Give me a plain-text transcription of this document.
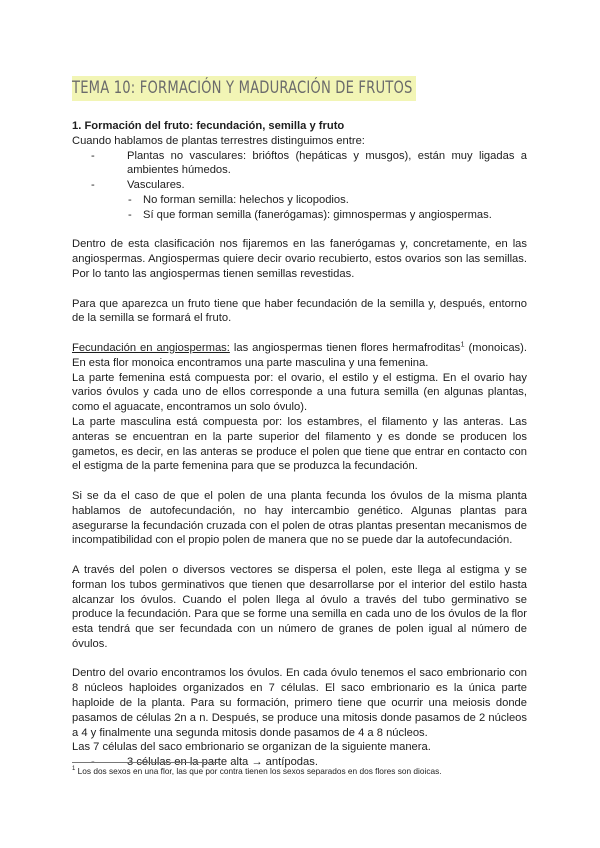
TEMA 10: FORMACIÓN Y MADURACIÓN DE FRUTOS

1. Formación del fruto: fecundación, semilla y fruto

Cuando hablamos de plantas terrestres distinguimos entre:

-	Plantas no vasculares: brióftos (hepáticas y musgos), están muy ligadas a ambientes húmedos.
-	Vasculares.
- No forman semilla: helechos y licopodios.
- Sí que forman semilla (fanerógamas): gimnospermas y angiospermas.

Dentro de esta clasificación nos fijaremos en las fanerógamas y, concretamente, en las angiospermas. Angiospermas quiere decir ovario recubierto, estos ovarios son las semillas. Por lo tanto las angiospermas tienen semillas revestidas.

Para que aparezca un fruto tiene que haber fecundación de la semilla y, después, entorno de la semilla se formará el fruto.

Fecundación en angiospermas: las angiospermas tienen flores hermafroditas$^1$ (monoicas). En esta flor monoica encontramos una parte masculina y una femenina.

La parte femenina está compuesta por: el ovario, el estilo y el estigma. En el ovario hay varios óvulos y cada uno de ellos corresponde a una futura semilla (en algunas plantas, como el aguacate, encontramos un solo óvulo).

La parte masculina está compuesta por: los estambres, el filamento y las anteras. Las anteras se encuentran en la parte superior del filamento y es donde se producen los gametos, es decir, en las anteras se produce el polen que tiene que entrar en contacto con el estigma de la parte femenina para que se produzca la fecundación.

Si se da el caso de que el polen de una planta fecunda los óvulos de la misma planta hablamos de autofecundación, no hay intercambio genético. Algunas plantas para asegurarse la fecundación cruzada con el polen de otras plantas presentan mecanismos de incompatibilidad con el propio polen de manera que no se puede dar la autofecundación.

A través del polen o diversos vectores se dispersa el polen, este llega al estigma y se forman los tubos germinativos que tienen que desarrollarse por el interior del estilo hasta alcanzar los óvulos. Cuando el polen llega al óvulo a través del tubo germinativo se produce la fecundación. Para que se forme una semilla en cada uno de los óvulos de la flor esta tendrá que ser fecundada con un número de granes de polen igual al número de óvulos.

Dentro del ovario encontramos los óvulos. En cada óvulo tenemos el saco embrionario con 8 núcleos haploides organizados en 7 células. El saco embrionario es la única parte haploide de la planta. Para su formación, primero tiene que ocurrir una meiosis donde pasamos de células 2n a n. Después, se produce una mitosis donde pasamos de 2 núcleos a 4 y finalmente una segunda mitosis donde pasamos de 4 a 8 núcleos.

Las 7 células del saco embrionario se organizan de la siguiente manera.

-	3 células en la parte alta → antípodas.
$^1$ Los dos sexos en una flor, las que por contra tienen los sexos separados en dos flores son dioicas.
